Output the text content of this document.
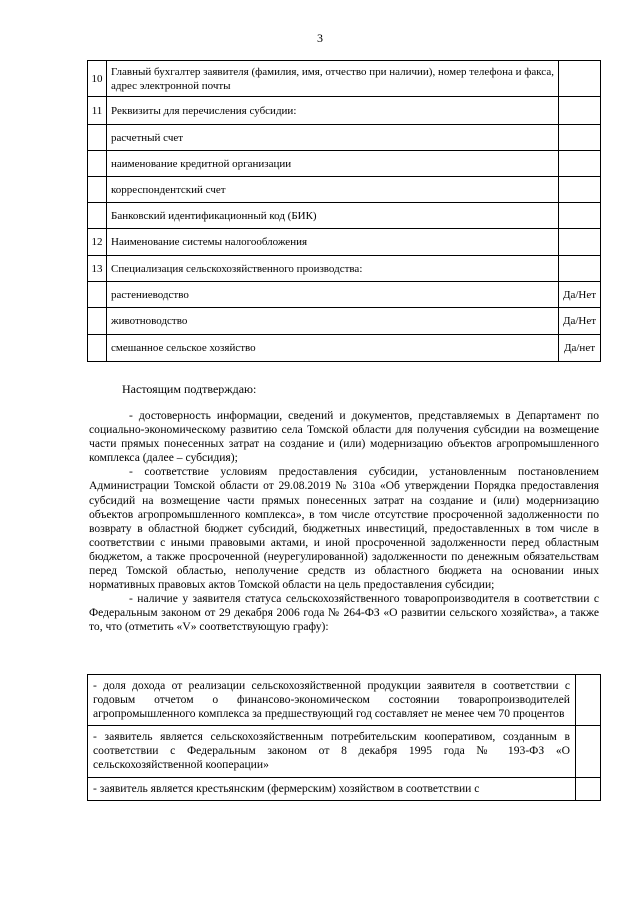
3
10	Главный бухгалтер заявителя (фамилия, имя, отчество при наличии), номер телефона и факса, адрес электронной почты	
11	Реквизиты для перечисления субсидии:	
	расчетный счет	
	наименование кредитной организации	
	корреспондентский счет	
	Банковский идентификационный код (БИК)	
12	Наименование системы налогообложения	
13	Специализация сельскохозяйственного производства:	
	растениеводство	Да/Нет
	животноводство	Да/Нет
	смешанное сельское хозяйство	Да/нет
Настоящим подтверждаю:

- достоверность информации, сведений и документов, представляемых в Департамент по социально-экономическому развитию села Томской области для получения субсидии на возмещение части прямых понесенных затрат на создание и (или) модернизацию объектов агропромышленного комплекса (далее – субсидия);

- соответствие условиям предоставления субсидии, установленным постановлением Администрации Томской области от 29.08.2019 № 310а «Об утверждении Порядка предоставления субсидий на возмещение части прямых понесенных затрат на создание и (или) модернизацию объектов агропромышленного комплекса», в том числе отсутствие просроченной задолженности по возврату в областной бюджет субсидий, бюджетных инвестиций, предоставленных в том числе в соответствии с иными правовыми актами, и иной просроченной задолженности перед областным бюджетом, а также просроченной (неурегулированной) задолженности по денежным обязательствам перед Томской областью, неполучение средств из областного бюджета на основании иных нормативных правовых актов Томской области на цель предоставления субсидии;

- наличие у заявителя статуса сельскохозяйственного товаропроизводителя в соответствии с Федеральным законом от 29 декабря 2006 года № 264-ФЗ «О развитии сельского хозяйства», а также то, что (отметить «V» соответствующую графу):

- доля дохода от реализации сельскохозяйственной продукции заявителя в соответствии с годовым отчетом о финансово-экономическом состоянии товаропроизводителей агропромышленного комплекса за предшествующий год составляет не менее чем 70 процентов	
- заявитель является сельскохозяйственным потребительским кооперативом, созданным в соответствии с Федеральным законом от 8 декабря 1995 года № 193-ФЗ «О сельскохозяйственной кооперации»	
- заявитель является крестьянским (фермерским) хозяйством в соответствии с	
